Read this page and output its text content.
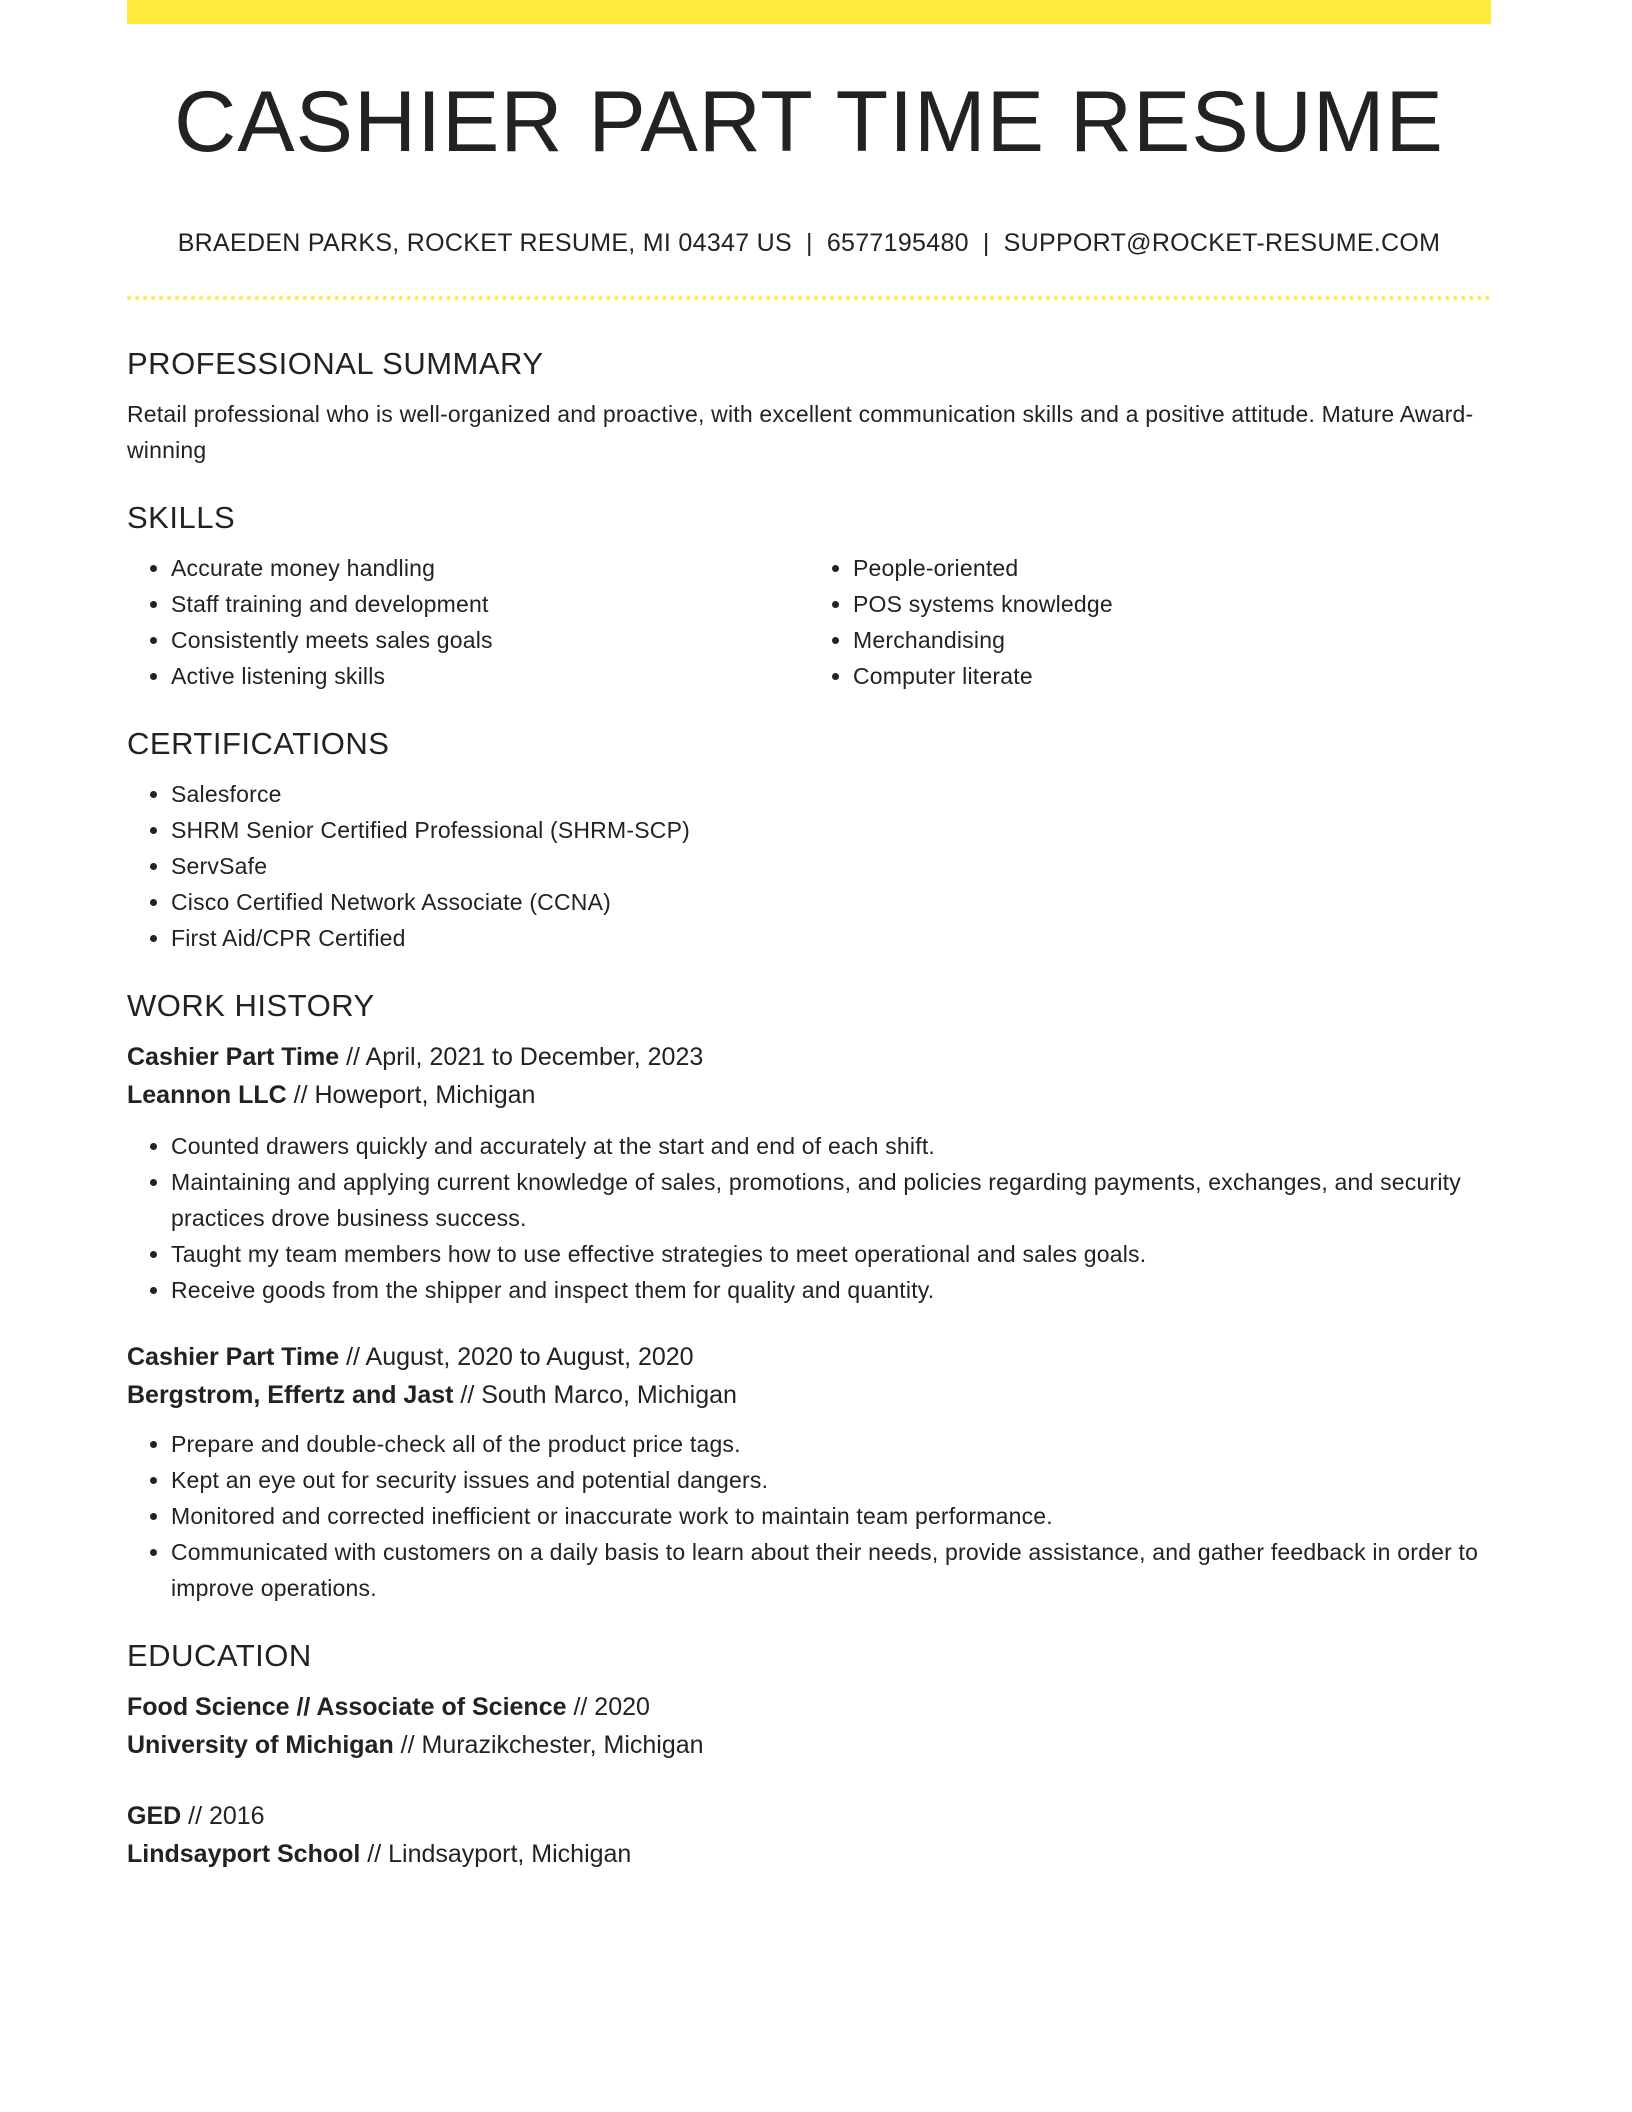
CASHIER PART TIME RESUME
BRAEDEN PARKS, ROCKET RESUME, MI 04347 US | 6577195480 | SUPPORT@ROCKET-RESUME.COM
PROFESSIONAL SUMMARY
Retail professional who is well-organized and proactive, with excellent communication skills and a positive attitude. Mature Award-winning
SKILLS
• Accurate money handling
• Staff training and development
• Consistently meets sales goals
• Active listening skills
• People-oriented
• POS systems knowledge
• Merchandising
• Computer literate
CERTIFICATIONS
• Salesforce
• SHRM Senior Certified Professional (SHRM-SCP)
• ServSafe
• Cisco Certified Network Associate (CCNA)
• First Aid/CPR Certified
WORK HISTORY
Cashier Part Time // April, 2021 to December, 2023
Leannon LLC // Howeport, Michigan
• Counted drawers quickly and accurately at the start and end of each shift.
• Maintaining and applying current knowledge of sales, promotions, and policies regarding payments, exchanges, and security practices drove business success.
• Taught my team members how to use effective strategies to meet operational and sales goals.
• Receive goods from the shipper and inspect them for quality and quantity.
Cashier Part Time // August, 2020 to August, 2020
Bergstrom, Effertz and Jast // South Marco, Michigan
• Prepare and double-check all of the product price tags.
• Kept an eye out for security issues and potential dangers.
• Monitored and corrected inefficient or inaccurate work to maintain team performance.
• Communicated with customers on a daily basis to learn about their needs, provide assistance, and gather feedback in order to improve operations.
EDUCATION
Food Science // Associate of Science // 2020
University of Michigan // Murazikchester, Michigan
GED // 2016
Lindsayport School // Lindsayport, Michigan
